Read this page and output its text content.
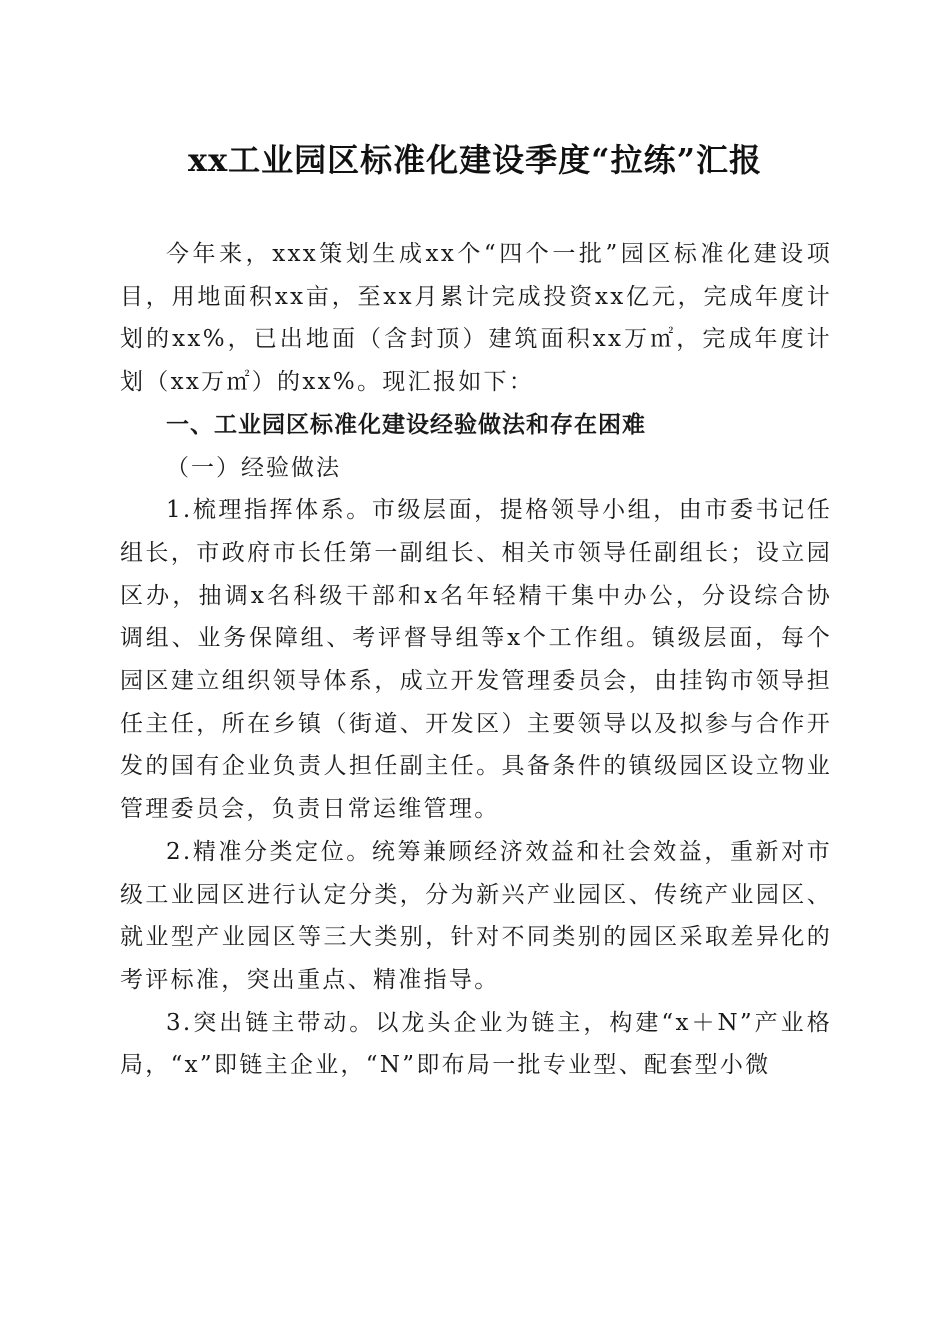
xx工业园区标准化建设季度“拉练”汇报

今年来，xxx策划生成xx个“四个一批”园区标准化建设项目，用地面积xx亩，至xx月累计完成投资xx亿元，完成年度计划的xx%，已出地面（含封顶）建筑面积xx万㎡，完成年度计划（xx万㎡）的xx%。现汇报如下：

一、工业园区标准化建设经验做法和存在困难

（一）经验做法

1.梳理指挥体系。市级层面，提格领导小组，由市委书记任组长，市政府市长任第一副组长、相关市领导任副组长；设立园区办，抽调x名科级干部和x名年轻精干集中办公，分设综合协调组、业务保障组、考评督导组等x个工作组。镇级层面，每个园区建立组织领导体系，成立开发管理委员会，由挂钩市领导担任主任，所在乡镇（街道、开发区）主要领导以及拟参与合作开发的国有企业负责人担任副主任。具备条件的镇级园区设立物业管理委员会，负责日常运维管理。

2.精准分类定位。统筹兼顾经济效益和社会效益，重新对市级工业园区进行认定分类，分为新兴产业园区、传统产业园区、就业型产业园区等三大类别，针对不同类别的园区采取差异化的考评标准，突出重点、精准指导。

3.突出链主带动。以龙头企业为链主，构建“x＋N”产业格局，“x”即链主企业，“N”即布局一批专业型、配套型小微
